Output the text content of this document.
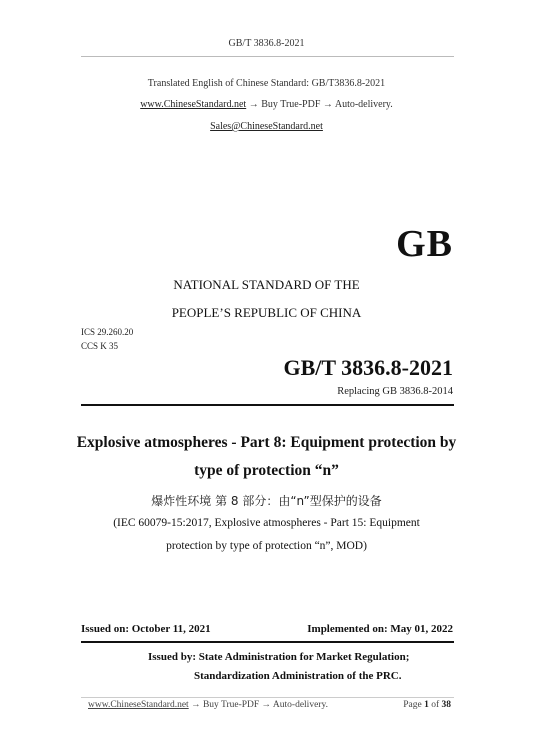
GB/T 3836.8-2021
Translated English of Chinese Standard: GB/T3836.8-2021
www.ChineseStandard.net → Buy True-PDF → Auto-delivery.
Sales@ChineseStandard.net
GB
NATIONAL STANDARD OF THE
PEOPLE’S REPUBLIC OF CHINA
ICS 29.260.20
CCS K 35
GB/T 3836.8-2021
Replacing GB 3836.8-2014
Explosive atmospheres - Part 8: Equipment protection by
type of protection “n”
爆炸性环境 第 8 部分：由“n”型保护的设备
(IEC 60079-15:2017, Explosive atmospheres - Part 15: Equipment
protection by type of protection “n”, MOD)
Issued on: October 11, 2021	Implemented on: May 01, 2022
Issued by: State Administration for Market Regulation;
Standardization Administration of the PRC.
www.ChineseStandard.net → Buy True-PDF → Auto-delivery.	Page 1 of 38
